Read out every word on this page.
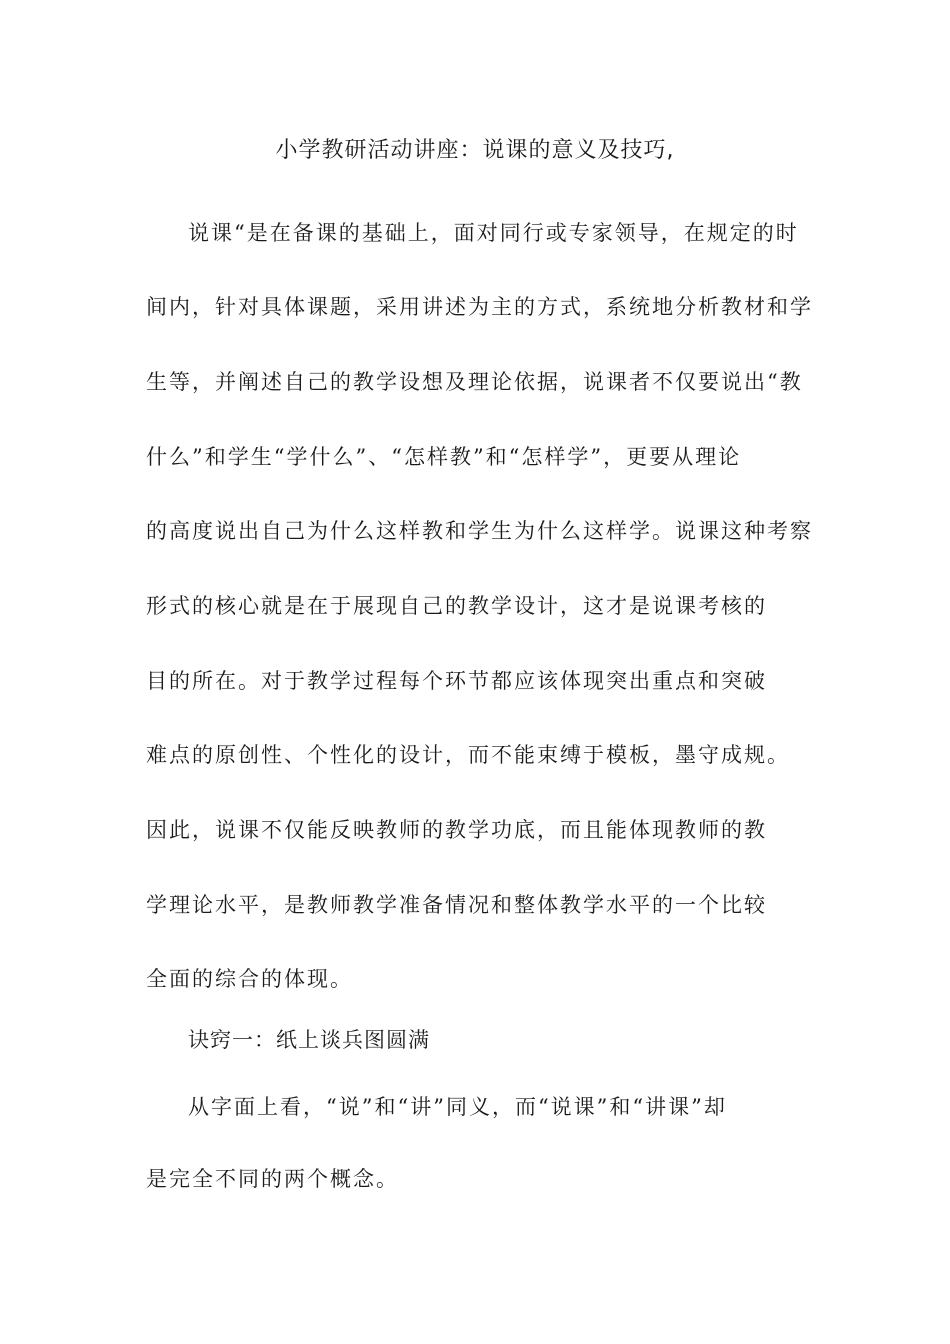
小学教研活动讲座：说课的意义及技巧,
说课“是在备课的基础上，面对同行或专家领导，在规定的时
间内，针对具体课题，采用讲述为主的方式，系统地分析教材和学
生等，并阐述自己的教学设想及理论依据，说课者不仅要说出“教
什么”和学生“学什么”、“怎样教”和“怎样学”，更要从理论
的高度说出自己为什么这样教和学生为什么这样学。说课这种考察
形式的核心就是在于展现自己的教学设计，这才是说课考核的
目的所在。对于教学过程每个环节都应该体现突出重点和突破
难点的原创性、个性化的设计，而不能束缚于模板，墨守成规。
因此，说课不仅能反映教师的教学功底，而且能体现教师的教
学理论水平，是教师教学准备情况和整体教学水平的一个比较
全面的综合的体现。
诀窍一：纸上谈兵图圆满
从字面上看，“说”和“讲”同义，而“说课”和“讲课”却
是完全不同的两个概念。
